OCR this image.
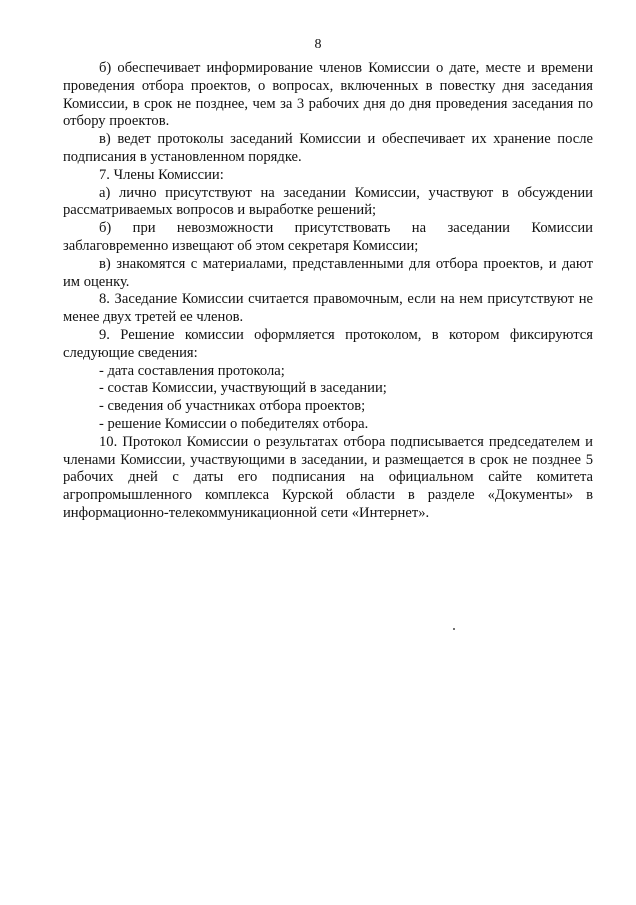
8

б) обеспечивает информирование членов Комиссии о дате, месте и времени проведения отбора проектов, о вопросах, включенных в повестку дня заседания Комиссии, в срок не позднее, чем за 3 рабочих дня до дня проведения заседания по отбору проектов.

в) ведет протоколы заседаний Комиссии и обеспечивает их хранение после подписания в установленном порядке.

7. Члены Комиссии:

а) лично присутствуют на заседании Комиссии, участвуют в обсуждении рассматриваемых вопросов и выработке решений;

б) при невозможности присутствовать на заседании Комиссии заблаговременно извещают об этом секретаря Комиссии;

в) знакомятся с материалами, представленными для отбора проектов, и дают им оценку.

8. Заседание Комиссии считается правомочным, если на нем присутствуют не менее двух третей ее членов.

9. Решение комиссии оформляется протоколом, в котором фиксируются следующие сведения:

- дата составления протокола;

- состав Комиссии, участвующий в заседании;

- сведения об участниках отбора проектов;

- решение Комиссии о победителях отбора.

10. Протокол Комиссии о результатах отбора подписывается председателем и членами Комиссии, участвующими в заседании, и размещается в срок не позднее 5 рабочих дней с даты его подписания на официальном сайте комитета агропромышленного комплекса Курской области в разделе «Документы» в информационно-телекоммуникационной сети «Интернет».
